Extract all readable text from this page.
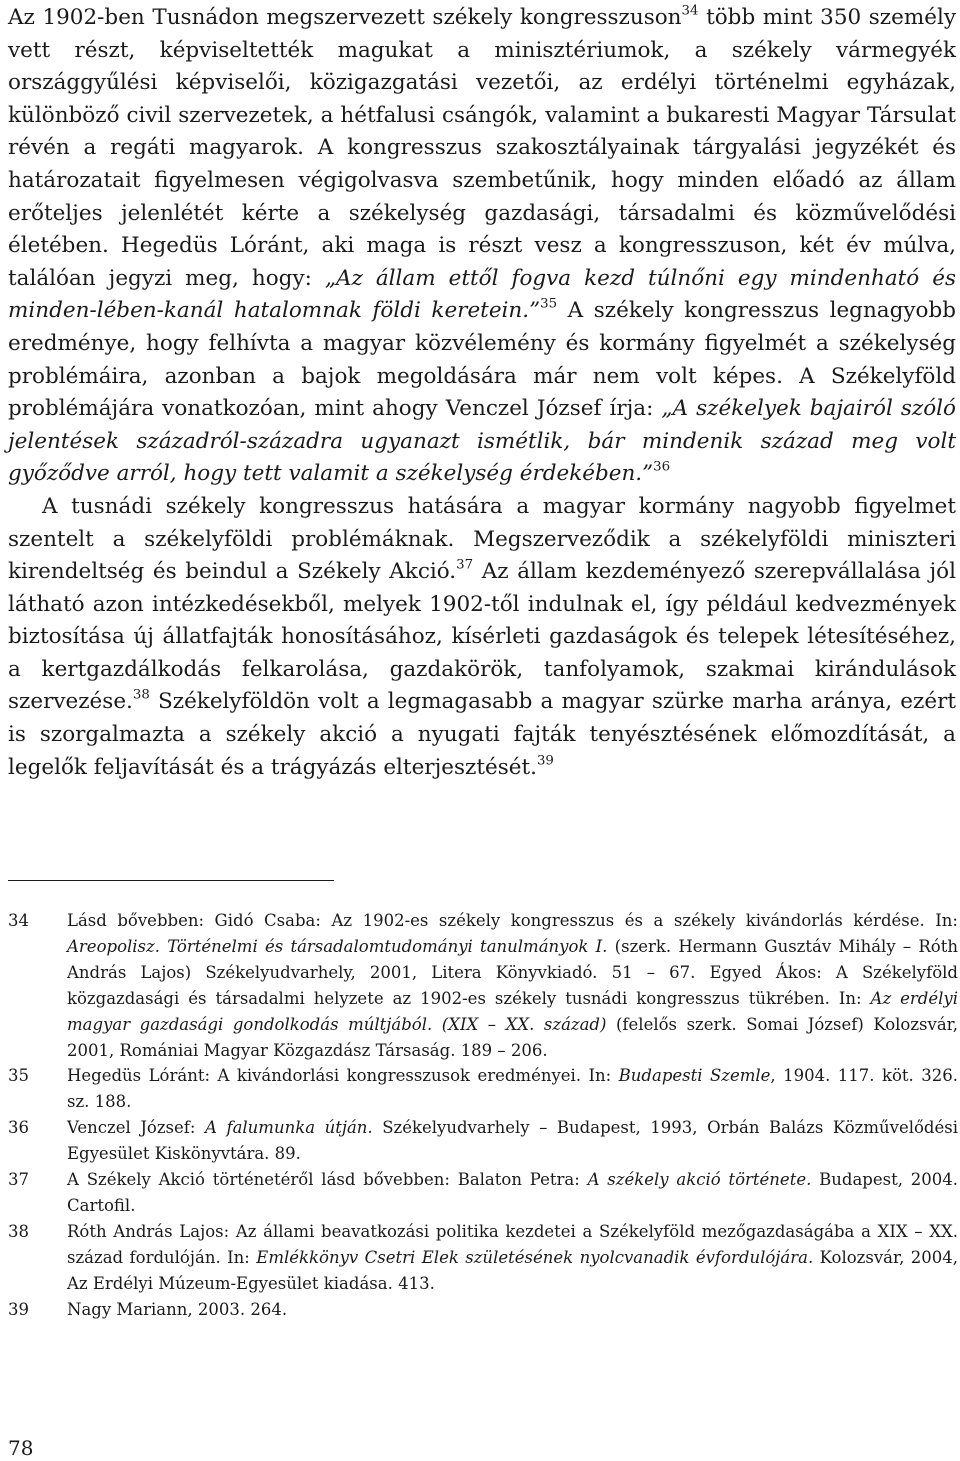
Az 1902-ben Tusnádon megszervezett székely kongresszuson$^{34}$ több mint 350 személy vett részt, képviseltették magukat a minisztériumok, a székely vármegyék országgyűlési képviselői, közigazgatási vezetői, az erdélyi történelmi egyházak, különböző civil szervezetek, a hétfalusi csángók, valamint a bukaresti Magyar Társulat révén a regáti magyarok. A kongresszus szakosztályainak tárgyalási jegyzékét és határozatait figyelmesen végigolvasva szembetűnik, hogy minden előadó az állam erőteljes jelenlétét kérte a székelység gazdasági, társadalmi és közművelődési életében. Hegedüs Lóránt, aki maga is részt vesz a kongresszuson, két év múlva, találóan jegyzi meg, hogy: „Az állam ettől fogva kezd túlnőni egy mindenható és minden-lében-kanál hatalomnak földi keretein.”$^{35}$ A székely kongresszus legnagyobb eredménye, hogy felhívta a magyar közvélemény és kormány figyelmét a székelység problémáira, azonban a bajok megoldására már nem volt képes. A Székelyföld problémájára vonatkozóan, mint ahogy Venczel József írja: „A székelyek bajairól szóló jelentések századról-századra ugyanazt ismétlik, bár mindenik század meg volt győződve arról, hogy tett valamit a székelység érdekében.”$^{36}$

A tusnádi székely kongresszus hatására a magyar kormány nagyobb figyelmet szentelt a székelyföldi problémáknak. Megszerveződik a székelyföldi miniszteri kirendeltség és beindul a Székely Akció.$^{37}$ Az állam kezdeményező szerepvállalása jól látható azon intézkedésekből, melyek 1902-től indulnak el, így például kedvezmények biztosítása új állatfajták honosításához, kísérleti gazdaságok és telepek létesítéséhez, a kertgazdálkodás felkarolása, gazdakörök, tanfolyamok, szakmai kirándulások szervezése.$^{38}$ Székelyföldön volt a legmagasabb a magyar szürke marha aránya, ezért is szorgalmazta a székely akció a nyugati fajták tenyésztésének előmozdítását, a legelők feljavítását és a trágyázás elterjesztését.$^{39}$

34	Lásd bővebben: Gidó Csaba: Az 1902-es székely kongresszus és a székely kivándorlás kérdése. In: Areopolisz. Történelmi és társadalomtudományi tanulmányok I. (szerk. Hermann Gusztáv Mihály – Róth András Lajos) Székelyudvarhely, 2001, Litera Könyvkiadó. 51 – 67. Egyed Ákos: A Székelyföld közgazdasági és társadalmi helyzete az 1902-es székely tusnádi kongresszus tükrében. In: Az erdélyi magyar gazdasági gondolkodás múltjából. (XIX – XX. század) (felelős szerk. Somai József) Kolozsvár, 2001, Romániai Magyar Közgazdász Társaság. 189 – 206.
35	Hegedüs Lóránt: A kivándorlási kongresszusok eredményei. In: Budapesti Szemle, 1904. 117. köt. 326. sz. 188.
36	Venczel József: A falumunka útján. Székelyudvarhely – Budapest, 1993, Orbán Balázs Közművelődési Egyesület Kiskönyvtára. 89.
37	A Székely Akció történetéről lásd bővebben: Balaton Petra: A székely akció története. Budapest, 2004. Cartofil.
38	Róth András Lajos: Az állami beavatkozási politika kezdetei a Székelyföld mezőgazdaságába a XIX – XX. század fordulóján. In: Emlékkönyv Csetri Elek születésének nyolcvanadik évfordulójára. Kolozsvár, 2004, Az Erdélyi Múzeum-Egyesület kiadása. 413.
39	Nagy Mariann, 2003. 264.
78
